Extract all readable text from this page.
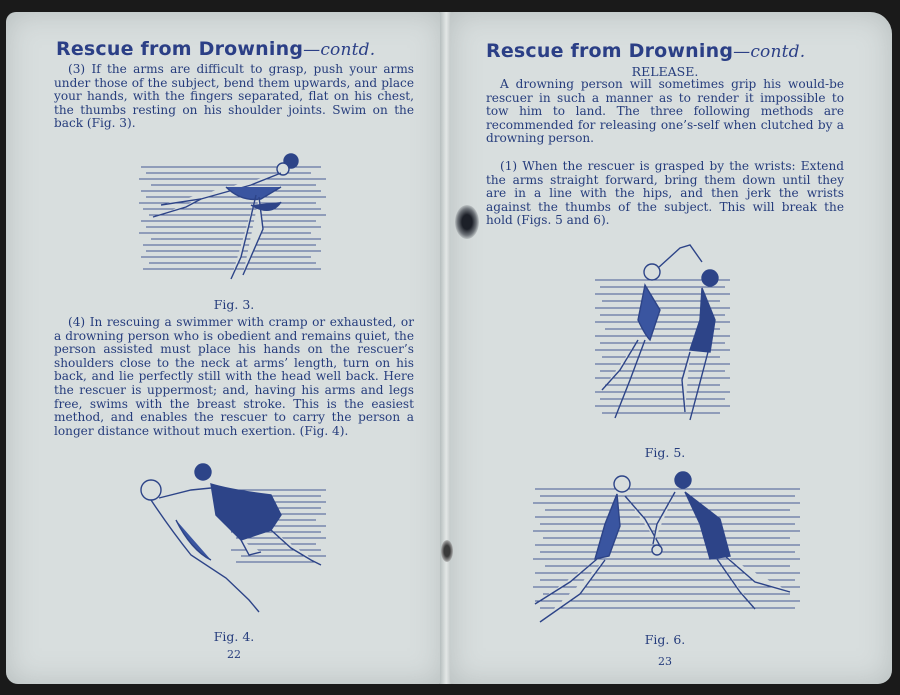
Rescue from Drowning—contd.

(3) If the arms are difficult to grasp, push your arms under those of the subject, bend them upwards, and place your hands, with the fingers separated, flat on his chest, the thumbs resting on his shoulder joints. Swim on the back (Fig. 3).

Fig. 3.

(4) In rescuing a swimmer with cramp or exhausted, or a drowning person who is obedient and remains quiet, the person assisted must place his hands on the rescuer’s shoulders close to the neck at arms’ length, turn on his back, and lie perfectly still with the head well back. Here the rescuer is uppermost; and, having his arms and legs free, swims with the breast stroke. This is the easiest method, and enables the rescuer to carry the person a longer distance without much exertion. (Fig. 4).

Fig. 4.

22

Rescue from Drowning—contd.

RELEASE.

A drowning person will sometimes grip his would-be rescuer in such a manner as to render it impossible to tow him to land. The three following methods are recommended for releasing one’s-self when clutched by a drowning person.

(1) When the rescuer is grasped by the wrists: Extend the arms straight forward, bring them down until they are in a line with the hips, and then jerk the wrists against the thumbs of the subject. This will break the hold (Figs. 5 and 6).

Fig. 5.

Fig. 6.

23
